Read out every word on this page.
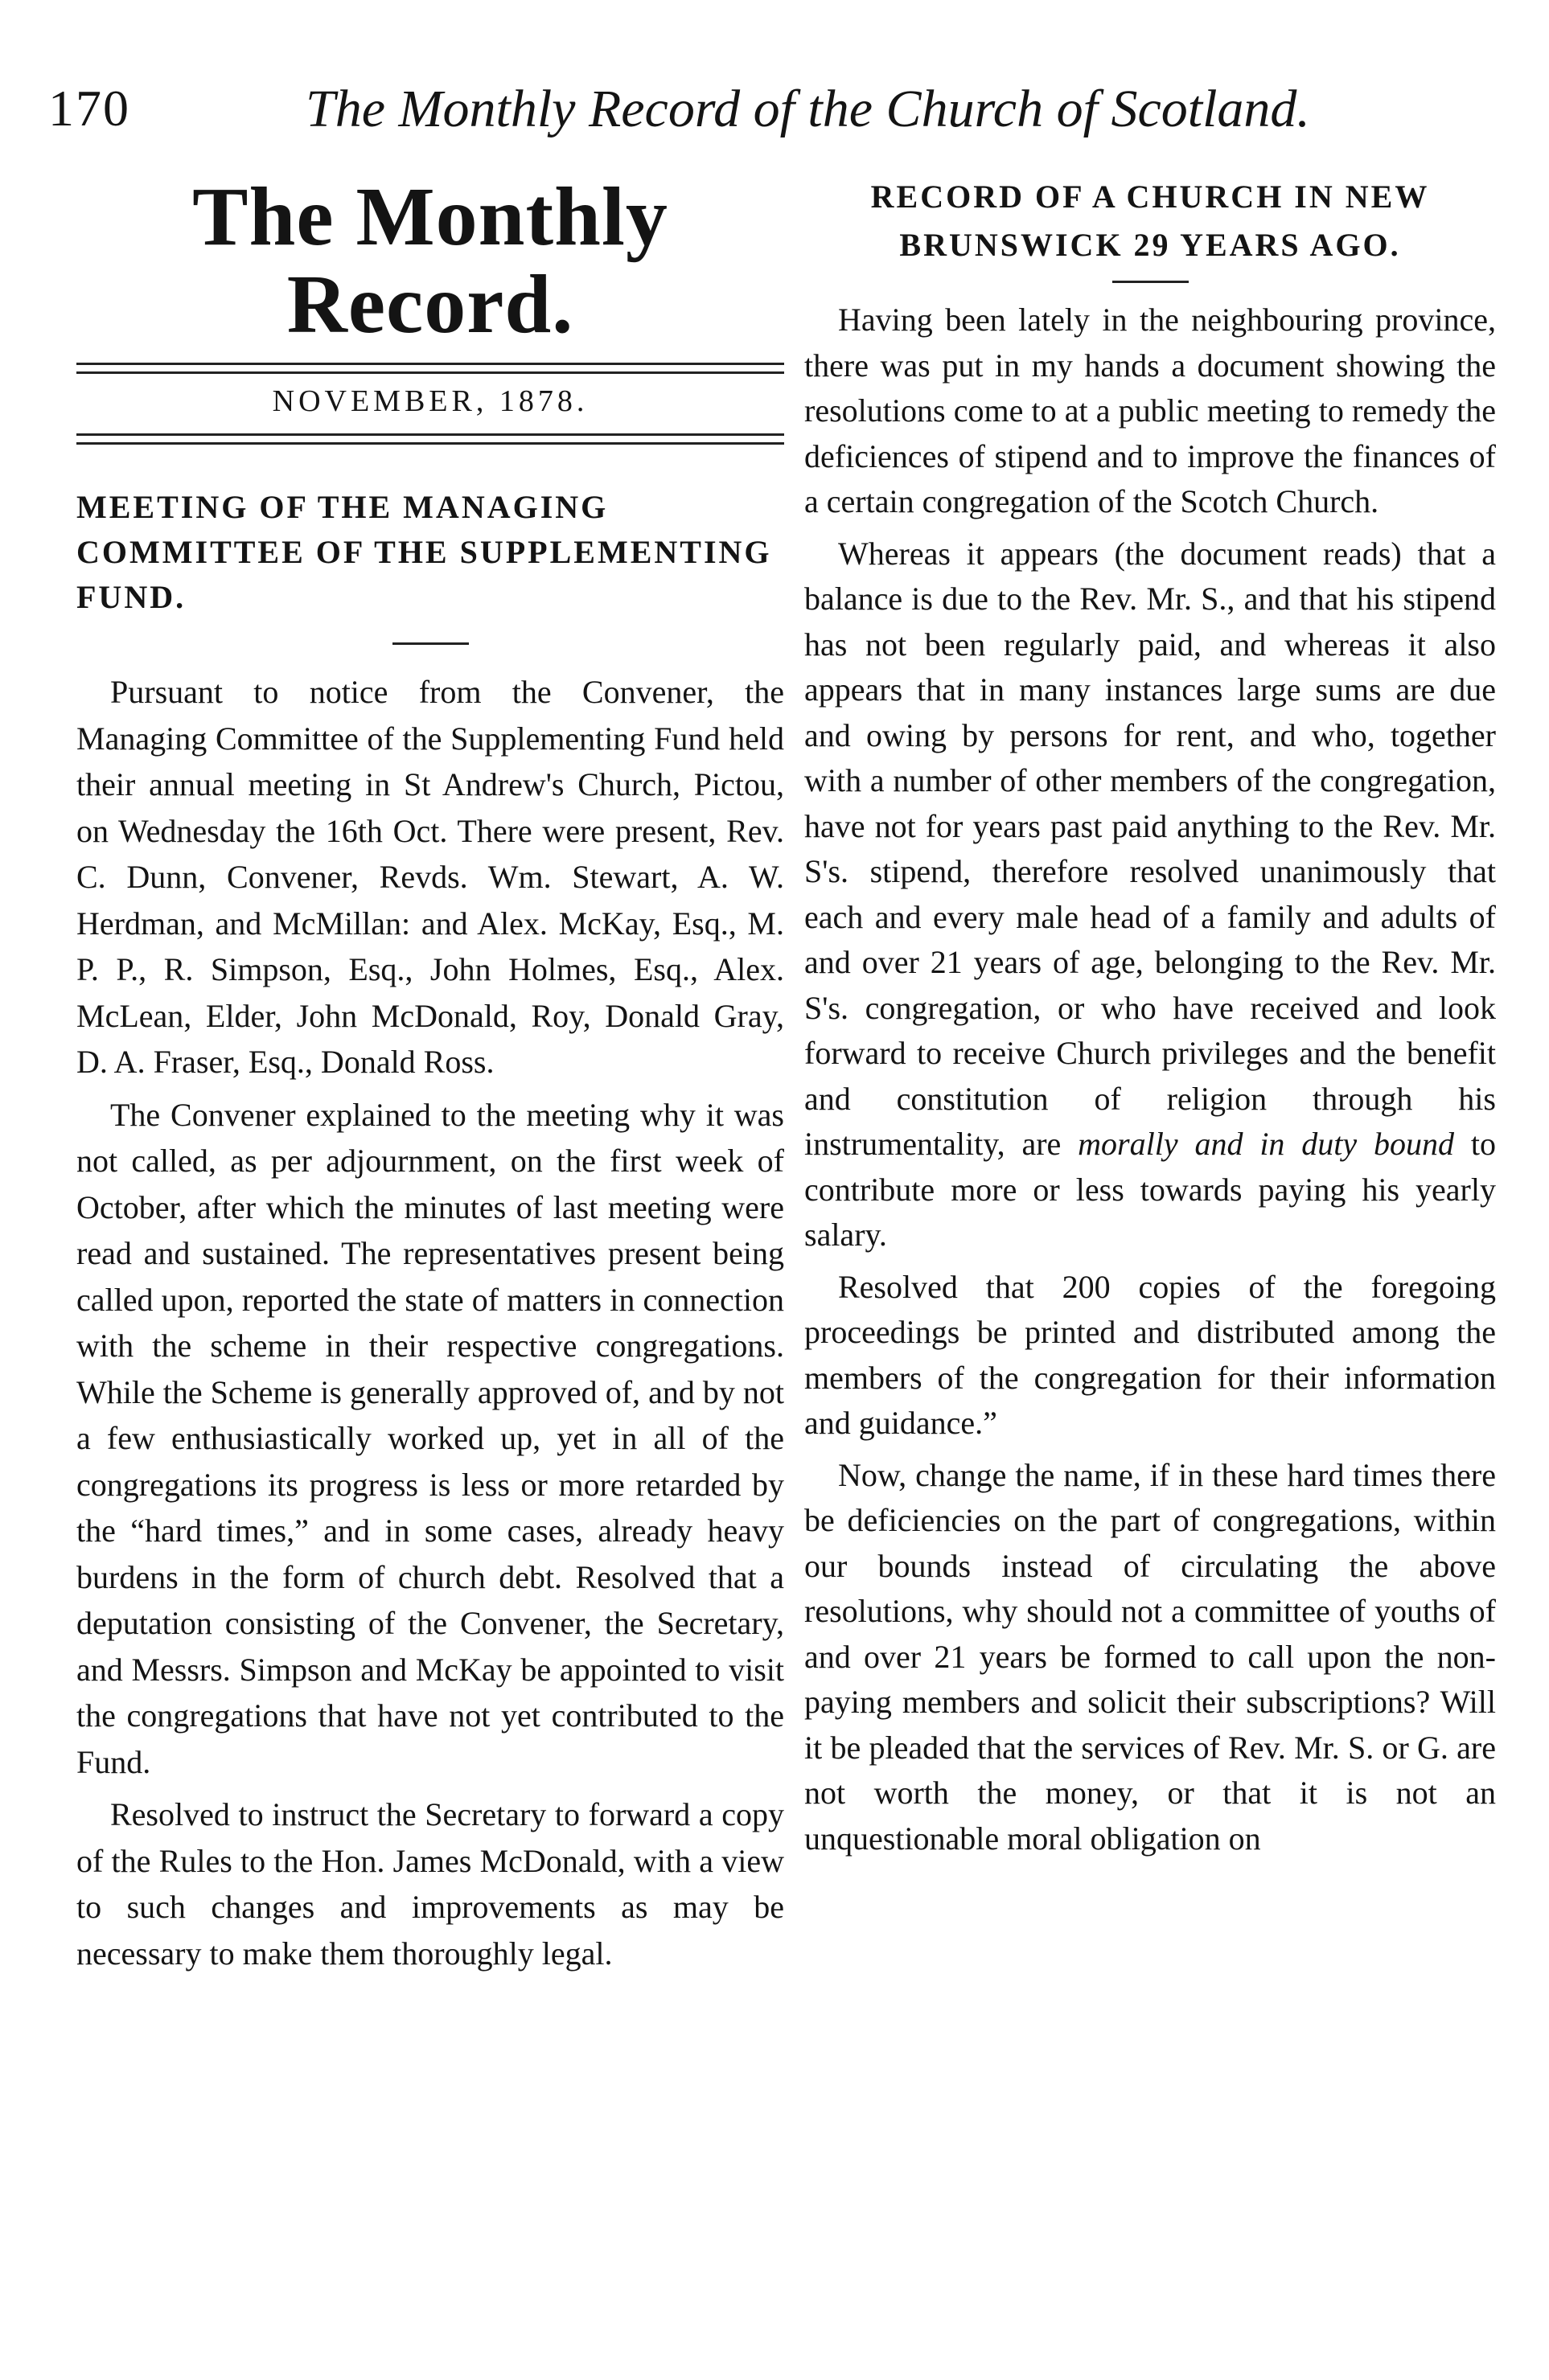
170	The Monthly Record of the Church of Scotland.
The Monthly Record.
NOVEMBER, 1878.
MEETING OF THE MANAGING COMMITTEE OF THE SUPPLEMENTING FUND.

Pursuant to notice from the Convener, the Managing Committee of the Supplementing Fund held their annual meeting in St Andrew's Church, Pictou, on Wednesday the 16th Oct. There were present, Rev. C. Dunn, Convener, Revds. Wm. Stewart, A. W. Herdman, and McMillan: and Alex. McKay, Esq., M. P. P., R. Simpson, Esq., John Holmes, Esq., Alex. McLean, Elder, John McDonald, Roy, Donald Gray, D. A. Fraser, Esq., Donald Ross.

The Convener explained to the meeting why it was not called, as per adjournment, on the first week of October, after which the minutes of last meeting were read and sustained. The representatives present being called upon, reported the state of matters in connection with the scheme in their respective congregations. While the Scheme is generally approved of, and by not a few enthusiastically worked up, yet in all of the congregations its progress is less or more retarded by the “hard times,” and in some cases, already heavy burdens in the form of church debt. Resolved that a deputation consisting of the Convener, the Secretary, and Messrs. Simpson and McKay be appointed to visit the congregations that have not yet contributed to the Fund.

Resolved to instruct the Secretary to forward a copy of the Rules to the Hon. James McDonald, with a view to such changes and improvements as may be necessary to make them thoroughly legal.

RECORD OF A CHURCH IN NEW BRUNSWICK 29 YEARS AGO.

Having been lately in the neighbouring province, there was put in my hands a document showing the resolutions come to at a public meeting to remedy the deficiences of stipend and to improve the finances of a certain congregation of the Scotch Church.

Whereas it appears (the document reads) that a balance is due to the Rev. Mr. S., and that his stipend has not been regularly paid, and whereas it also appears that in many instances large sums are due and owing by persons for rent, and who, together with a number of other members of the congregation, have not for years past paid anything to the Rev. Mr. S's. stipend, therefore resolved unanimously that each and every male head of a family and adults of and over 21 years of age, belonging to the Rev. Mr. S's. congregation, or who have received and look forward to receive Church privileges and the benefit and constitution of religion through his instrumentality, are morally and in duty bound to contribute more or less towards paying his yearly salary.

Resolved that 200 copies of the foregoing proceedings be printed and distributed among the members of the congregation for their information and guidance.”

Now, change the name, if in these hard times there be deficiencies on the part of congregations, within our bounds instead of circulating the above resolutions, why should not a committee of youths of and over 21 years be formed to call upon the non-paying members and solicit their subscriptions? Will it be pleaded that the services of Rev. Mr. S. or G. are not worth the money, or that it is not an unquestionable moral obligation on
